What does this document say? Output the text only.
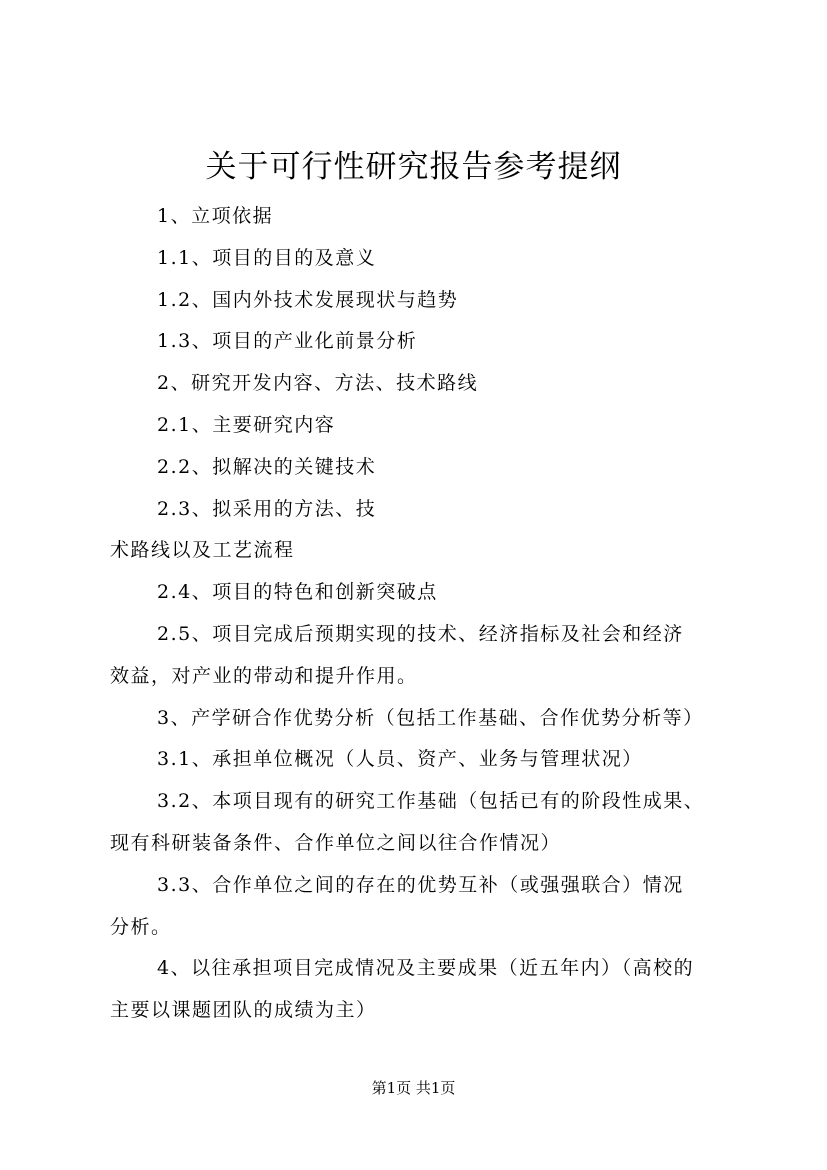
关于可行性研究报告参考提纲
1、立项依据
1.1、项目的目的及意义
1.2、国内外技术发展现状与趋势
1.3、项目的产业化前景分析
2、研究开发内容、方法、技术路线
2.1、主要研究内容
2.2、拟解决的关键技术
2.3、拟采用的方法、技
术路线以及工艺流程
2.4、项目的特色和创新突破点
2.5、项目完成后预期实现的技术、经济指标及社会和经济
效益，对产业的带动和提升作用。
3、产学研合作优势分析（包括工作基础、合作优势分析等）
3.1、承担单位概况（人员、资产、业务与管理状况）
3.2、本项目现有的研究工作基础（包括已有的阶段性成果、
现有科研装备条件、合作单位之间以往合作情况）
3.3、合作单位之间的存在的优势互补（或强强联合）情况
分析。
4、以往承担项目完成情况及主要成果（近五年内）（高校的
主要以课题团队的成绩为主）
第1页 共1页
